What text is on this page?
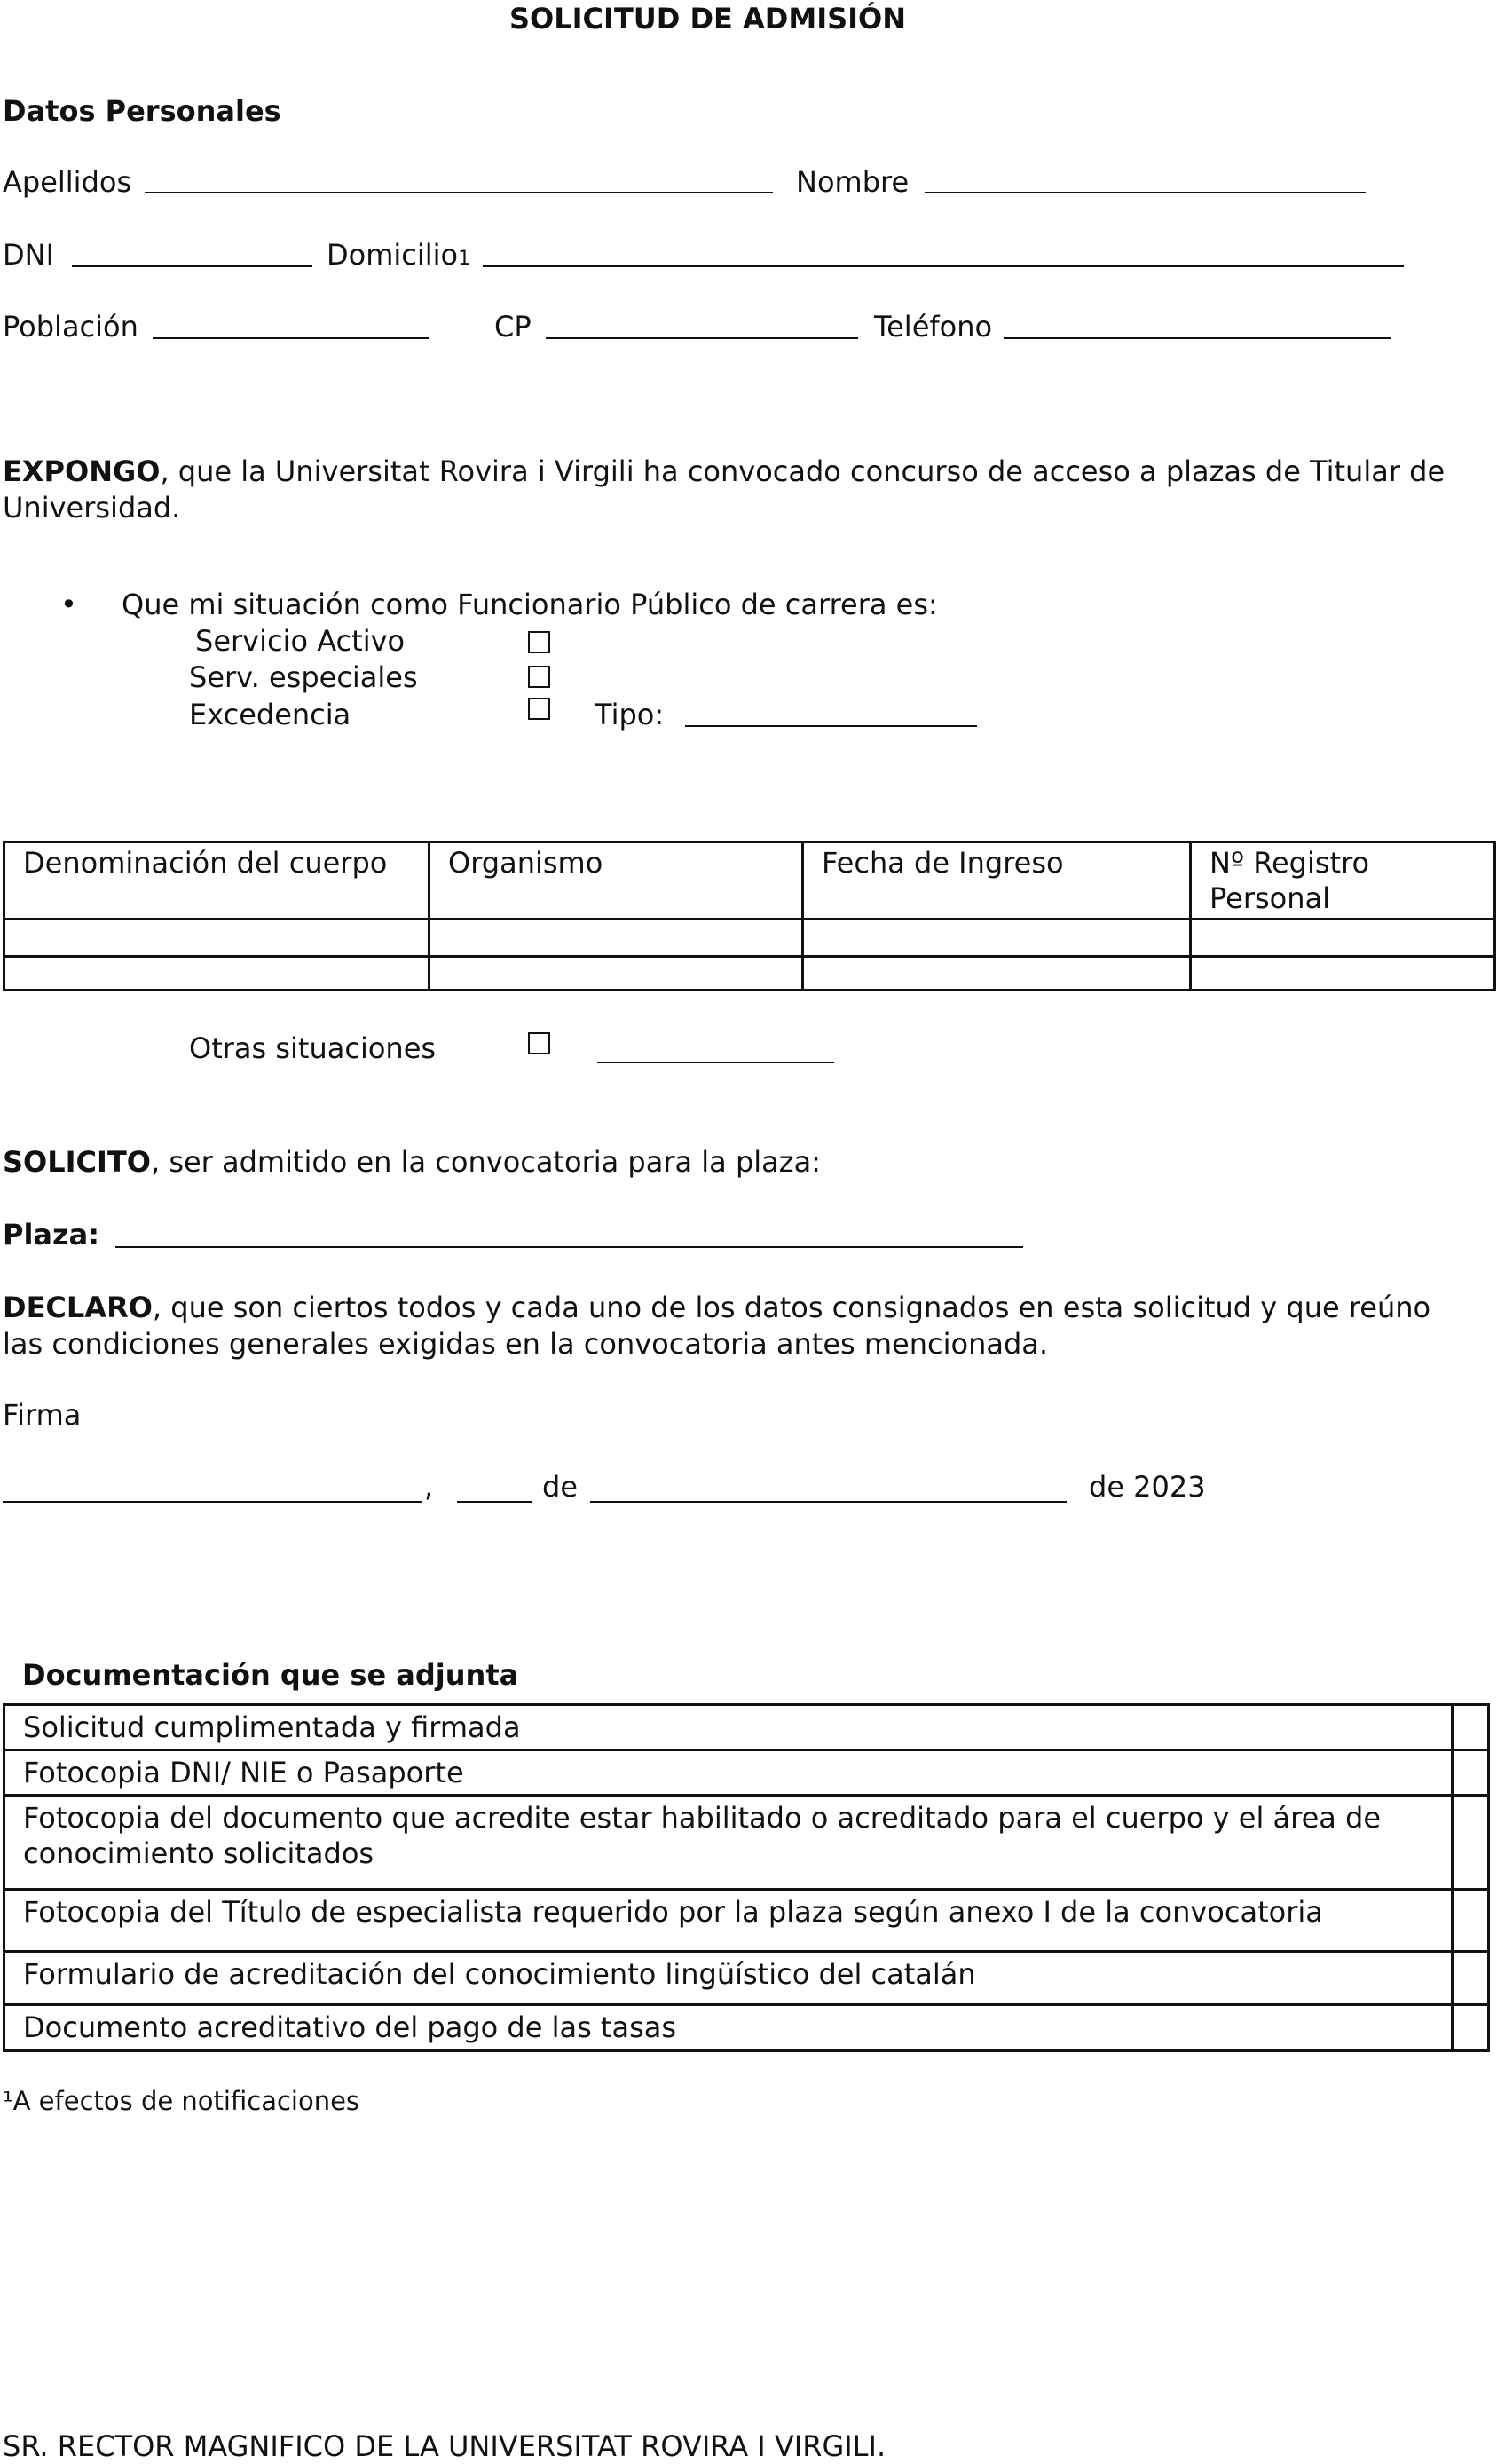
SOLICITUD DE ADMISIÓN
Datos Personales
Apellidos	Nombre
DNI	Domicilio1
Población	CP	Teléfono
EXPONGO, que la Universitat Rovira i Virgili ha convocado concurso de acceso a plazas de Titular de Universidad.
• Que mi situación como Funcionario Público de carrera es:
Servicio Activo
Serv. especiales
Excedencia	Tipo:
Denominación del cuerpo	Organismo	Fecha de Ingreso	Nº Registro Personal

Otras situaciones
SOLICITO, ser admitido en la convocatoria para la plaza:
Plaza:
DECLARO, que son ciertos todos y cada uno de los datos consignados en esta solicitud y que reúno las condiciones generales exigidas en la convocatoria antes mencionada.
Firma
,	de	de 2023
Documentación que se adjunta
Solicitud cumplimentada y firmada	
Fotocopia DNI/ NIE o Pasaporte	
Fotocopia del documento que acredite estar habilitado o acreditado para el cuerpo y el área de conocimiento solicitados	
Fotocopia del Título de especialista requerido por la plaza según anexo I de la convocatoria	
Formulario de acreditación del conocimiento lingüístico del catalán	
Documento acreditativo del pago de las tasas	
¹A efectos de notificaciones
SR. RECTOR MAGNIFICO DE LA UNIVERSITAT ROVIRA I VIRGILI.
